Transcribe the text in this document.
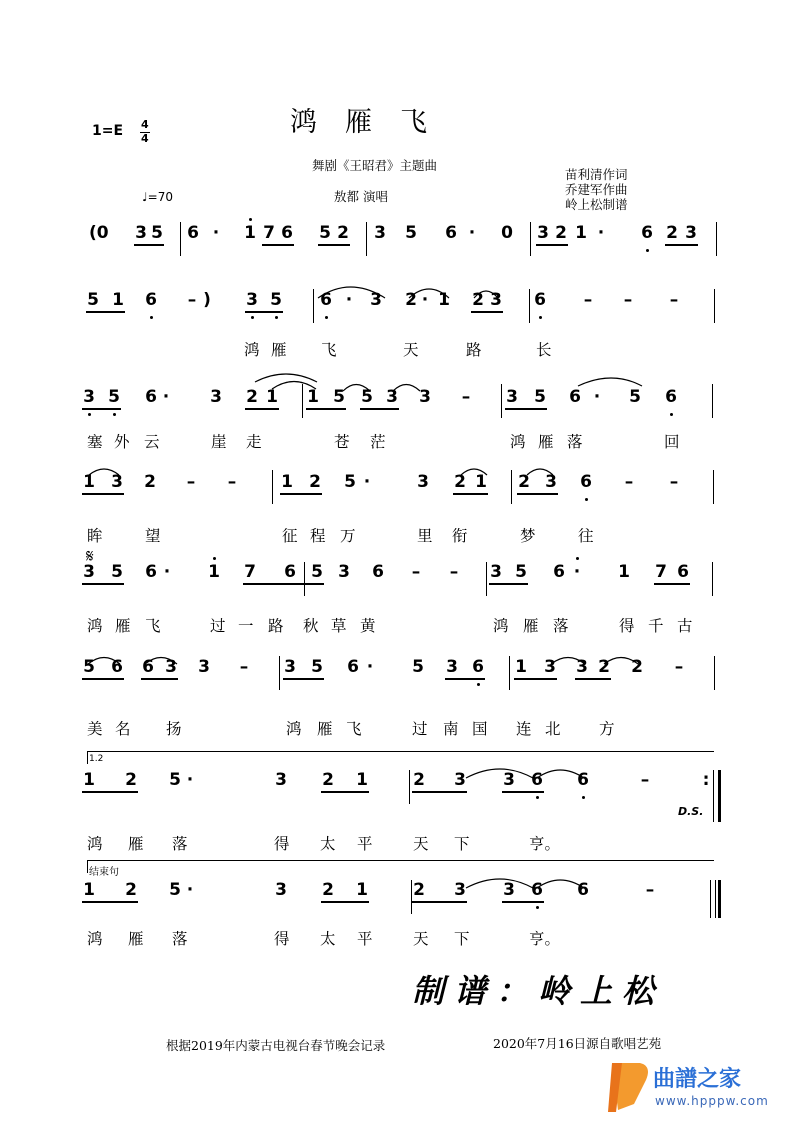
1=E 4
4
鸿雁飞
舞剧《王昭君》主题曲
敖都 演唱
♩=70
苗利清作词
乔建军作曲
岭上松制谱
𝄋
1.2
结束句
D.S.
(0 3 5 6 · 1 7 6 5 2 3 5 6 · 0 3 2 1 · 6 2 3
5 1 6 – ) 3 5 6 · 3 2 · 1 2 3 6 – – –
3 5 6 · 3 2 1 1 5 5 3 3 – 3 5 6 · 5 6
1 3 2 – –	1 2 5 ·	3 2 1 2 3 6 – –
3 5 6 · 1 7 6 5 3 6 – – 3 5 6 · 1 7 6
5 6 6 3 3 – 3 5 6 · 5 3 6 1 3 3 2 2 –
1 2 5 ·	3 2 1	2 3 3 6 6	–	:
1 2 5 ·	3 2 1	2 3 3 6 6	–
鸿 雁 飞	天	路	长
塞 外 云	崖 走	苍 茫	鸿 雁 落	回
眸	望	征 程 万	里 衔	梦	往
鸿 雁 飞	过 一 路 秋 草 黄	鸿 雁 落	得 千 古
美 名 扬	鸿 雁 飞	过 南 国 连 北 方
鸿 雁 落	得 太 平	天 下	亨。
鸿 雁 落	得 太 平	天 下	亨。
制谱：岭上松
根据2019年内蒙古电视台春节晚会记录	2020年7月16日源自歌唱艺苑
曲譜之家
www.hpppw.com
